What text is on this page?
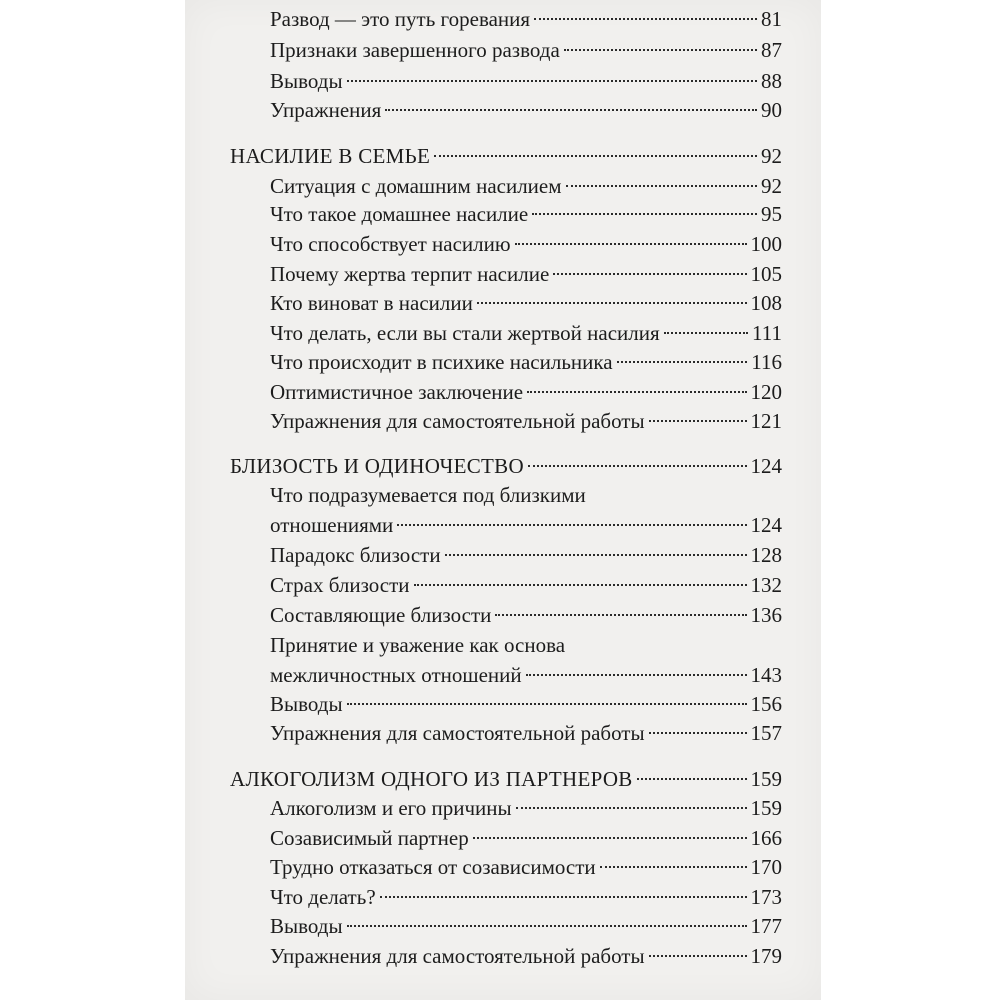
Развод — это путь горевания	81
Признаки завершенного развода	87
Выводы	88
Упражнения	90
НАСИЛИЕ В СЕМЬЕ	92
Ситуация с домашним насилием	92
Что такое домашнее насилие	95
Что способствует насилию	100
Почему жертва терпит насилие	105
Кто виноват в насилии	108
Что делать, если вы стали жертвой насилия	111
Что происходит в психике насильника	116
Оптимистичное заключение	120
Упражнения для самостоятельной работы	121
БЛИЗОСТЬ И ОДИНОЧЕСТВО	124
Что подразумевается под близкими
отношениями	124
Парадокс близости	128
Страх близости	132
Составляющие близости	136
Принятие и уважение как основа
межличностных отношений	143
Выводы	156
Упражнения для самостоятельной работы	157
АЛКОГОЛИЗМ ОДНОГО ИЗ ПАРТНЕРОВ	159
Алкоголизм и его причины	159
Созависимый партнер	166
Трудно отказаться от созависимости	170
Что делать?	173
Выводы	177
Упражнения для самостоятельной работы	179
